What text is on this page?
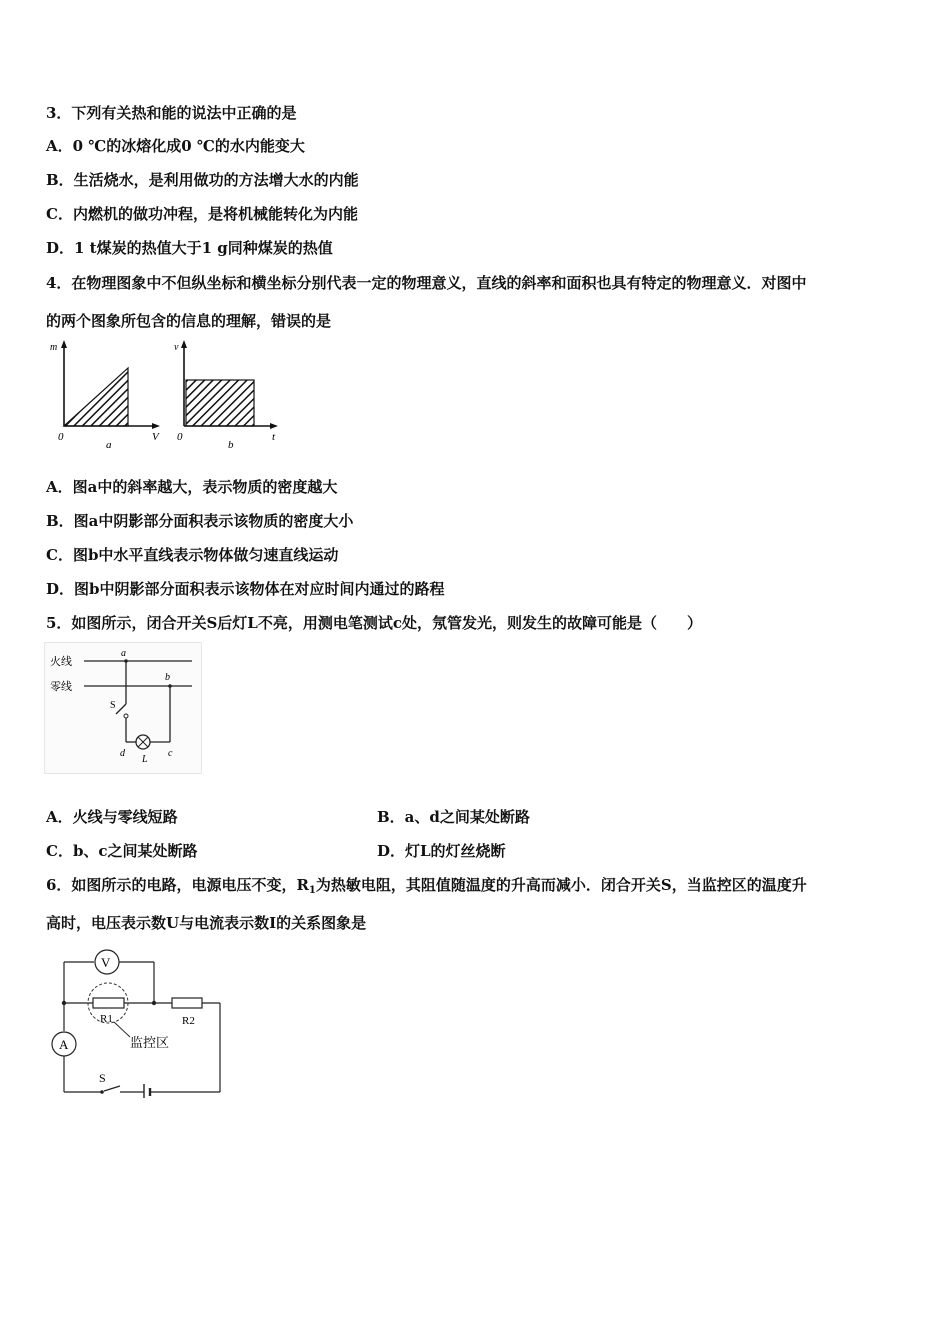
3．下列有关热和能的说法中正确的是
A．0 ℃的冰熔化成0 ℃的水内能变大
B．生活烧水，是利用做功的方法增大水的内能
C．内燃机的做功冲程，是将机械能转化为内能
D．1 t煤炭的热值大于1 g同种煤炭的热值
4．在物理图象中不但纵坐标和横坐标分别代表一定的物理意义，直线的斜率和面积也具有特定的物理意义．对图中
的两个图象所包含的信息的理解，错误的是
m
0	V
a
v
0	t
b
A．图a中的斜率越大，表示物质的密度越大
B．图a中阴影部分面积表示该物质的密度大小
C．图b中水平直线表示物体做匀速直线运动
D．图b中阴影部分面积表示该物体在对应时间内通过的路程
5．如图所示，闭合开关S后灯L不亮，用测电笔测试c处，氖管发光，则发生的故障可能是（　　）
火线
零线
a
S
d
L
b
c
A．火线与零线短路	B．a、d之间某处断路
C．b、c之间某处断路	D．灯L的灯丝烧断
6．如图所示的电路，电源电压不变，$R_1$为热敏电阻，其阻值随温度的升高而减小．闭合开关S，当监控区的温度升
高时，电压表示数U与电流表示数I的关系图象是
V
R1	R2
监控区
A
S
